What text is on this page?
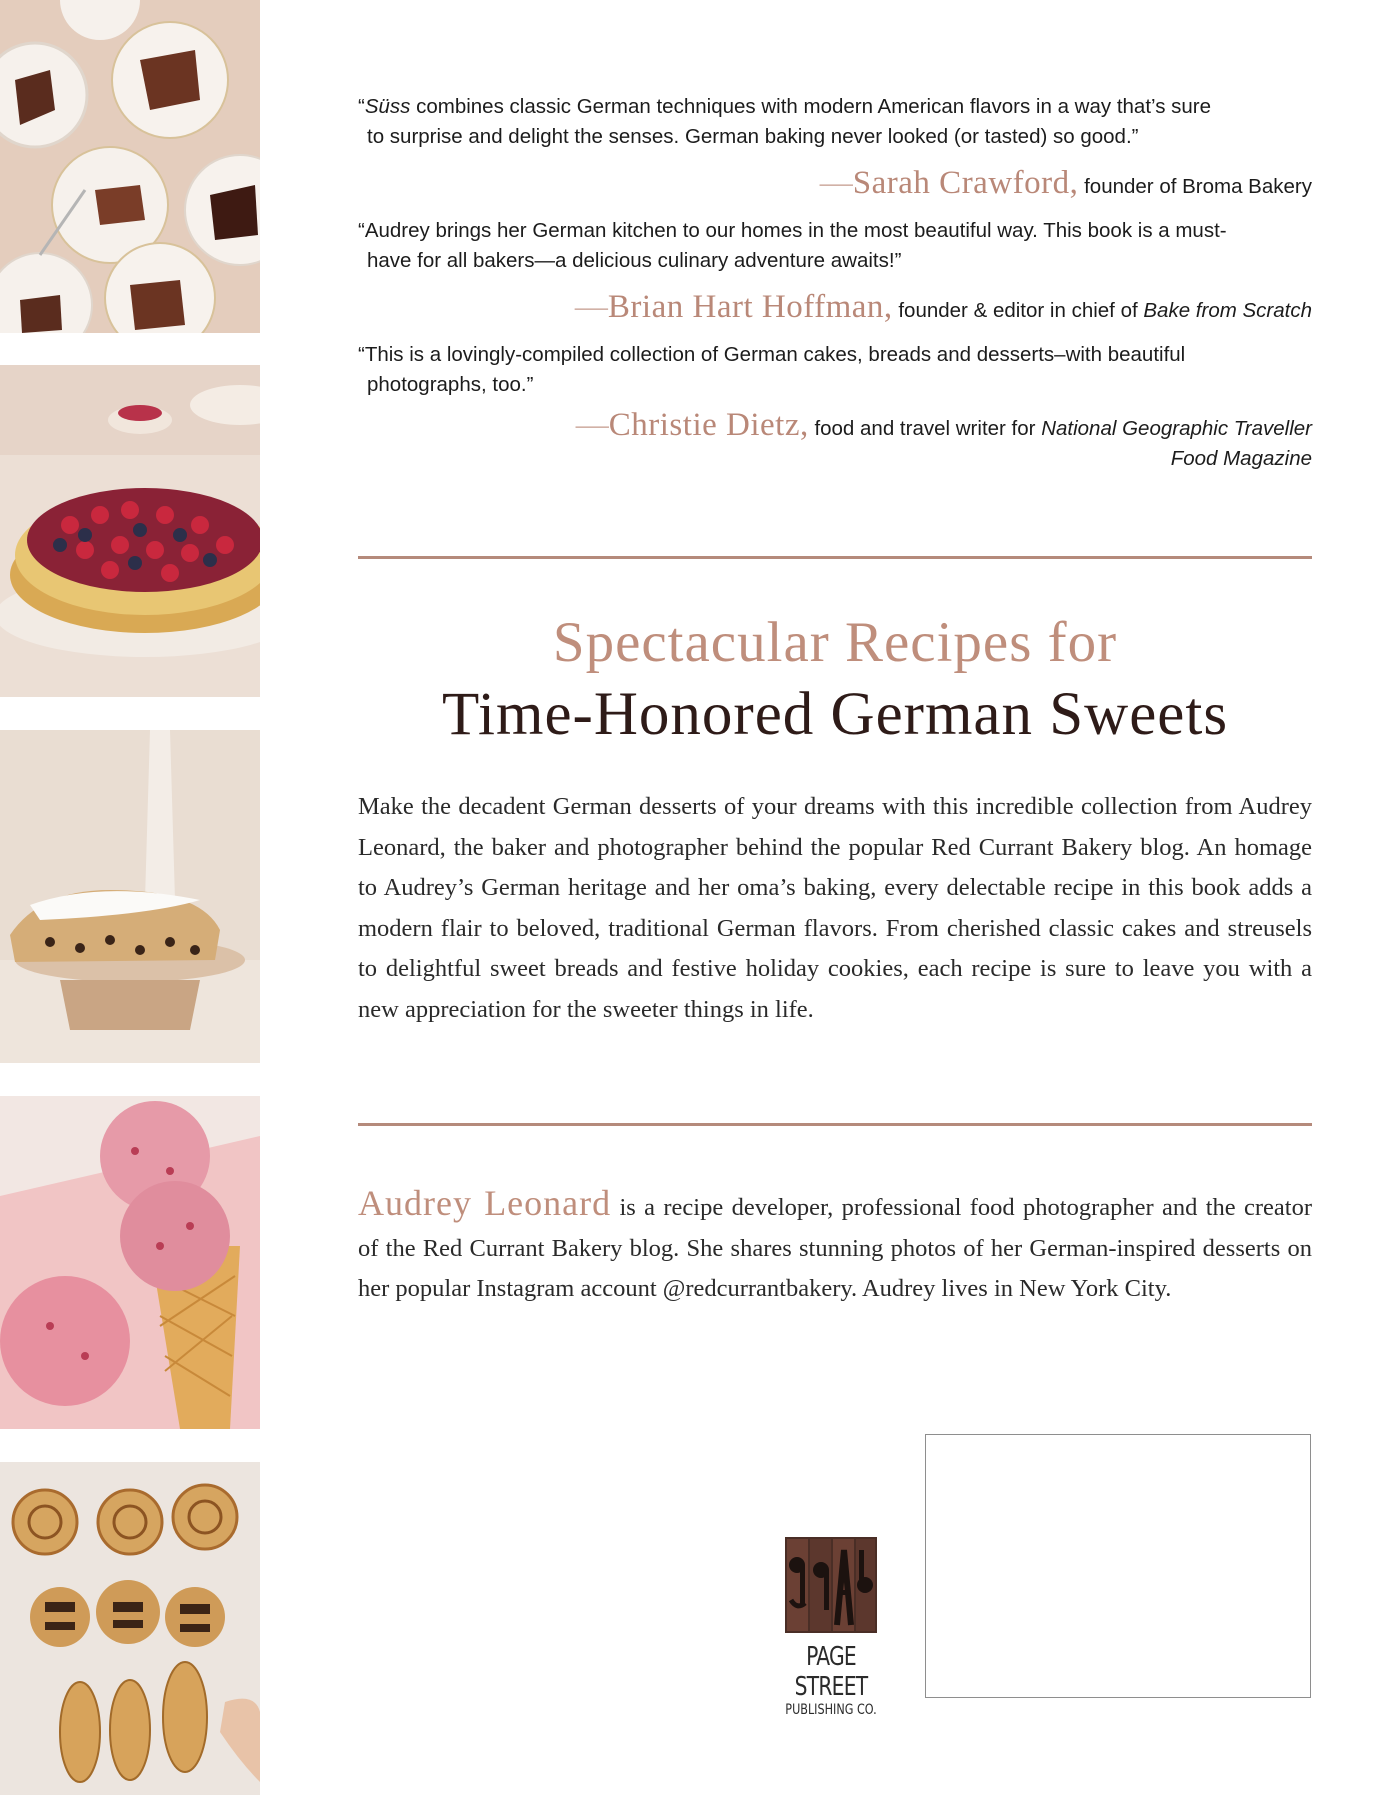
“Süss combines classic German techniques with modern American flavors in a way that’s sure
to surprise and delight the senses. German baking never looked (or tasted) so good.”
—Sarah Crawford, founder of Broma Bakery
“Audrey brings her German kitchen to our homes in the most beautiful way. This book is a must-
have for all bakers—a delicious culinary adventure awaits!”
—Brian Hart Hoffman, founder & editor in chief of Bake from Scratch
“This is a lovingly-compiled collection of German cakes, breads and desserts–with beautiful
photographs, too.”
—Christie Dietz, food and travel writer for National Geographic Traveller
Food Magazine
Spectacular Recipes for
Time-Honored German Sweets
Make the decadent German desserts of your dreams with this incredible collection from Audrey Leonard, the baker and photographer behind the popular Red Currant Bakery blog. An homage to Audrey’s German heritage and her oma’s baking, every delectable recipe in this book adds a modern flair to beloved, traditional German flavors. From cherished classic cakes and streusels to delightful sweet breads and festive holiday cookies, each recipe is sure to leave you with a new appreciation for the sweeter things in life.
Audrey Leonard is a recipe developer, professional food photographer and the creator of the Red Currant Bakery blog. She shares stunning photos of her German-inspired desserts on her popular Instagram account @redcurrantbakery. Audrey lives in New York City.
PAGE STREET
PUBLISHING CO.
